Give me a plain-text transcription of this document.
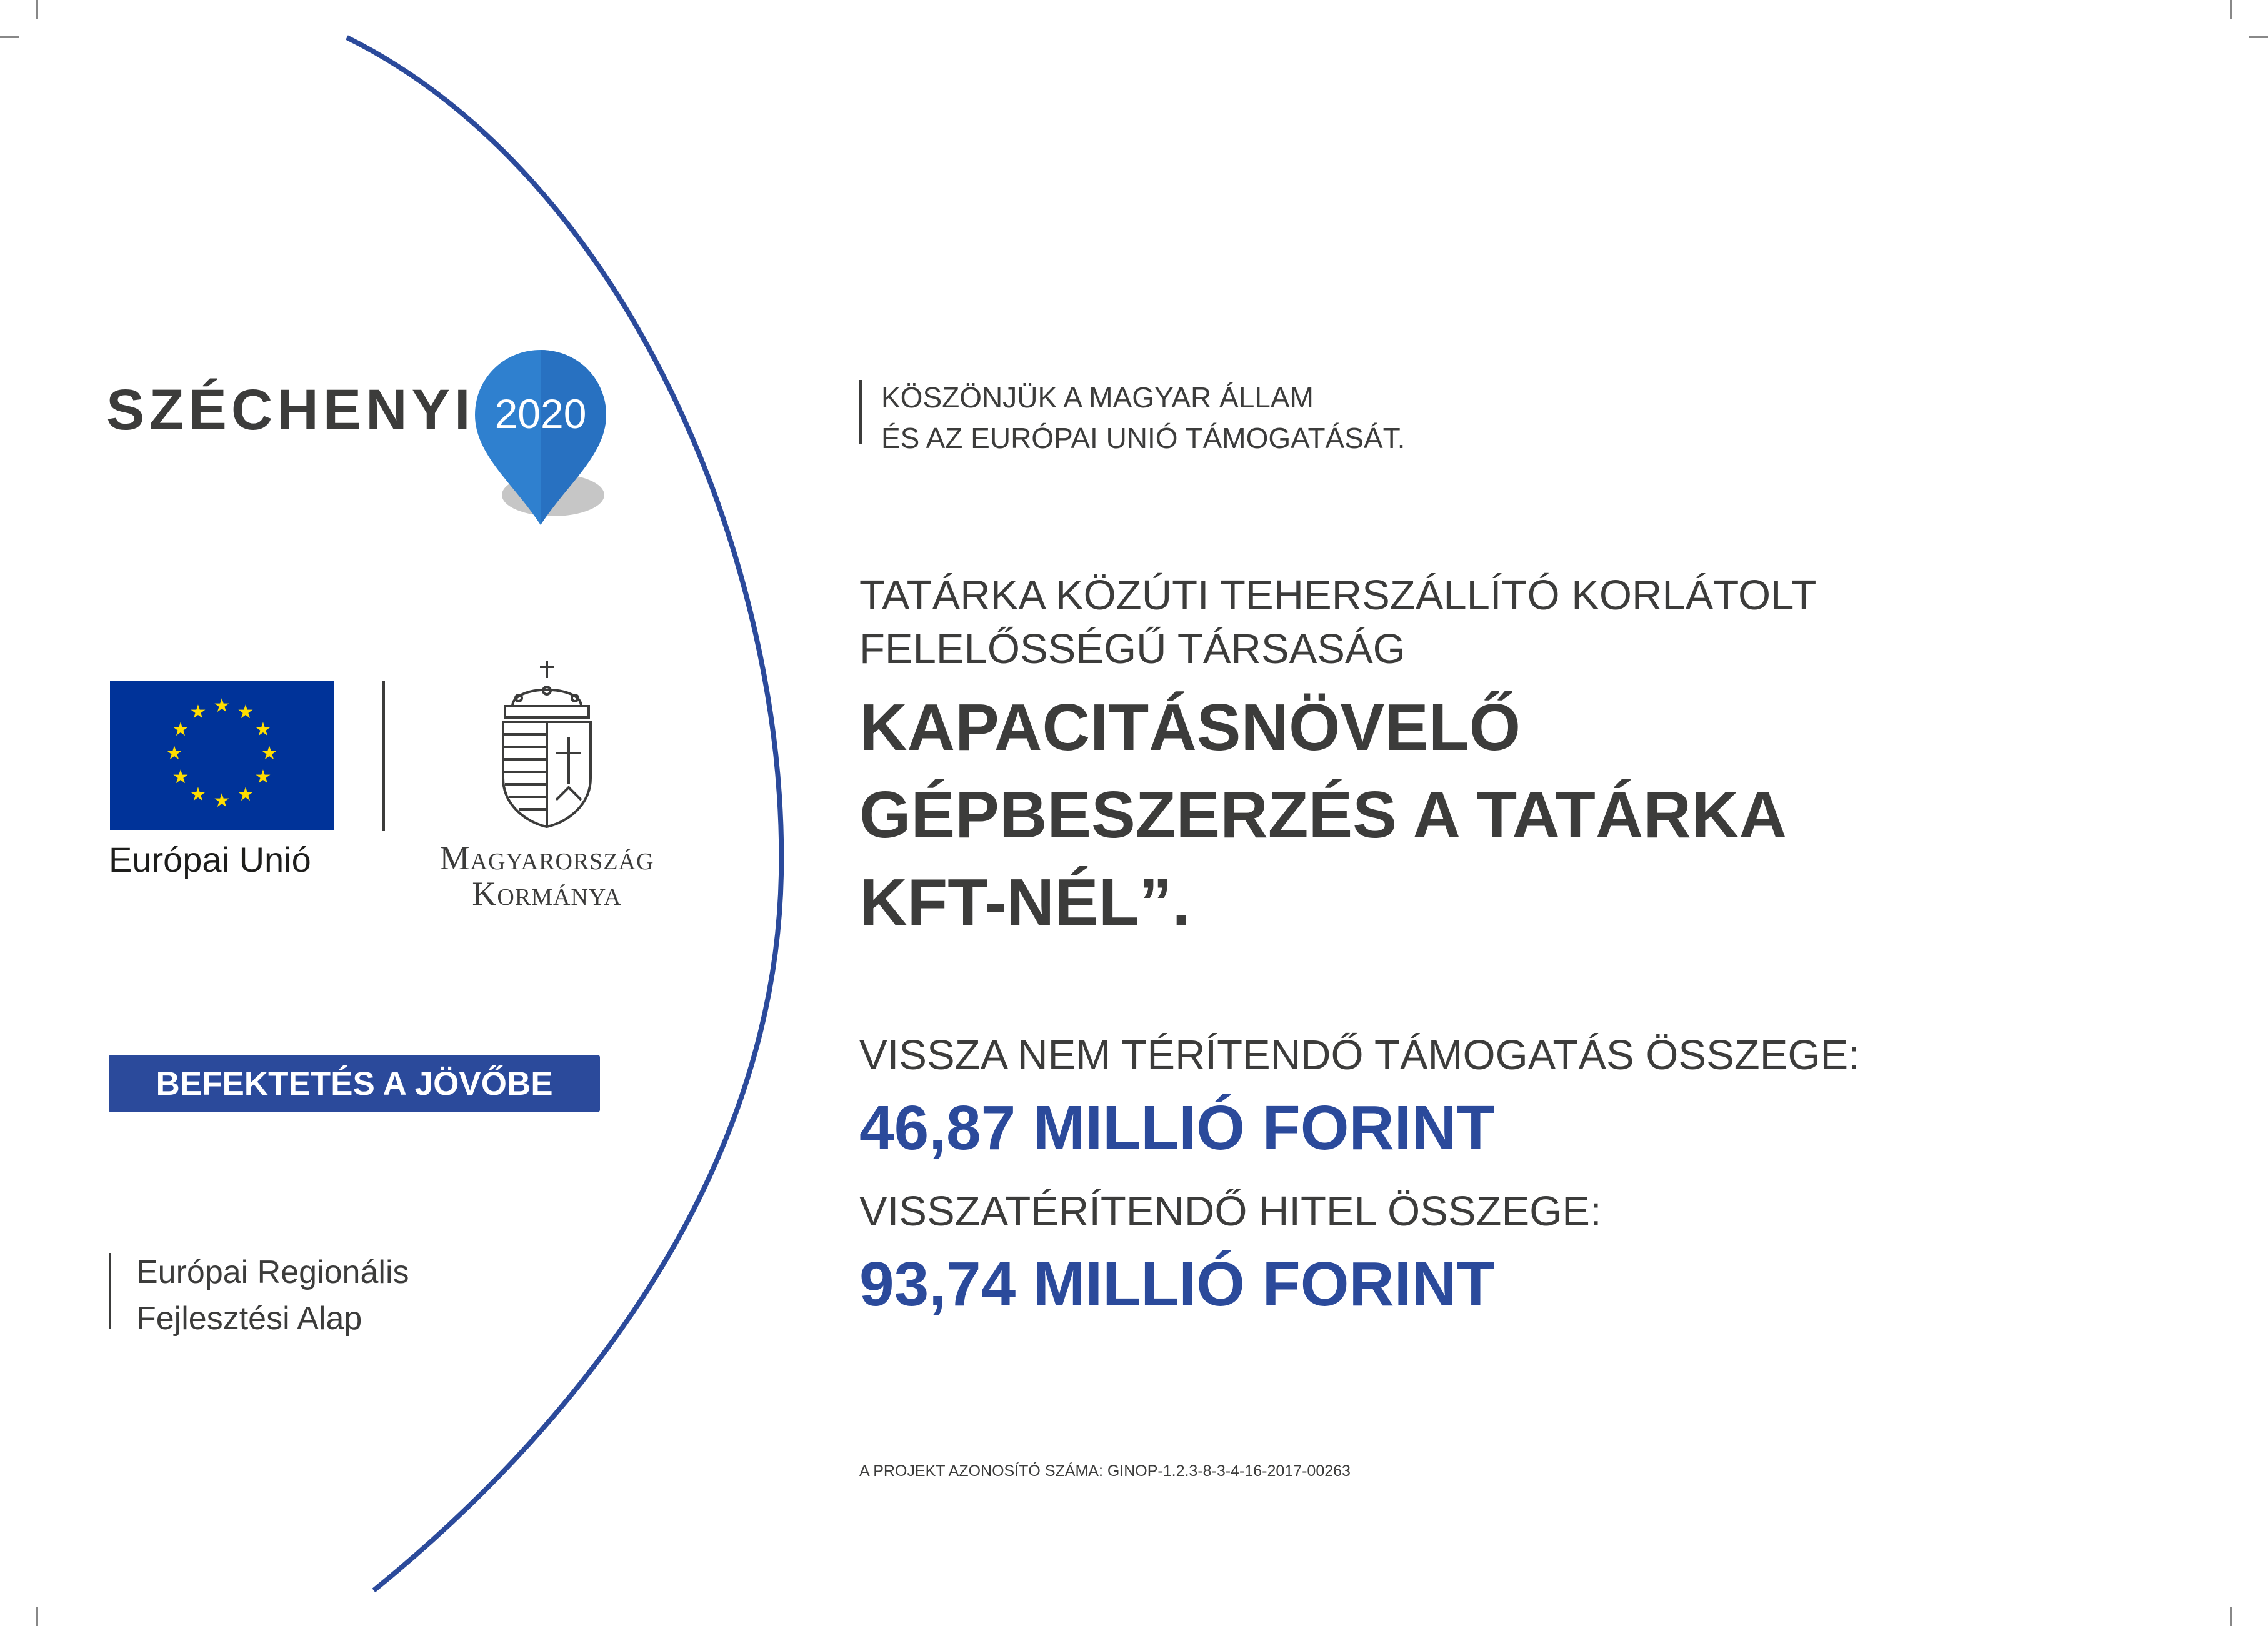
SZÉCHENYI 2020
★ ★
★
★
★
★
★
★
★
★
★
★
Európai Unió	Magyarország
Kormánya
BEFEKTETÉS A JÖVŐBE
Európai Regionális
Fejlesztési Alap
KÖSZÖNJÜK A MAGYAR ÁLLAM
ÉS AZ EURÓPAI UNIÓ TÁMOGATÁSÁT.
TATÁRKA KÖZÚTI TEHERSZÁLLÍTÓ KORLÁTOLT
FELELŐSSÉGŰ TÁRSASÁG
KAPACITÁSNÖVELŐ
GÉPBESZERZÉS A TATÁRKA
KFT-NÉL”.
VISSZA NEM TÉRÍTENDŐ TÁMOGATÁS ÖSSZEGE:
46,87 MILLIÓ FORINT
VISSZATÉRÍTENDŐ HITEL ÖSSZEGE:
93,74 MILLIÓ FORINT
A PROJEKT AZONOSÍTÓ SZÁMA: GINOP-1.2.3-8-3-4-16-2017-00263
